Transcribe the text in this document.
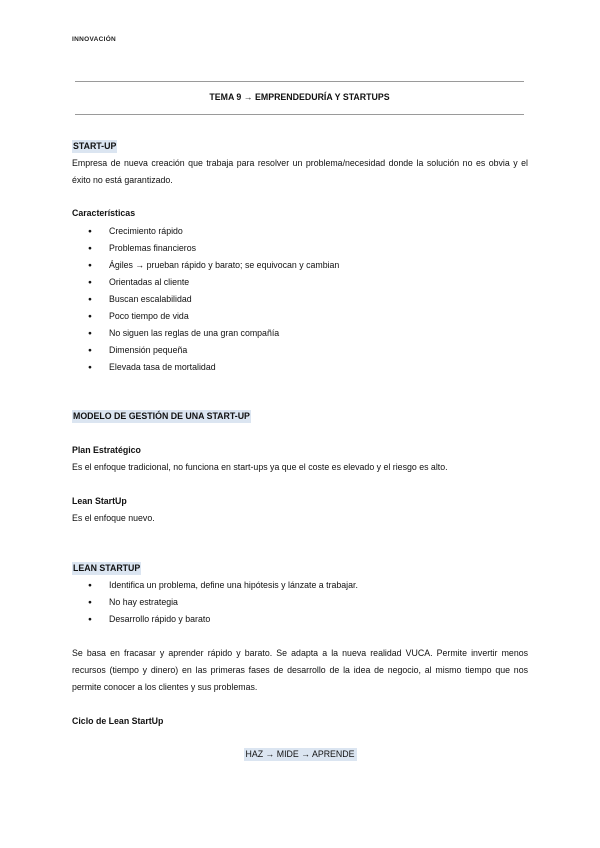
INNOVACIÓN
TEMA 9 → EMPRENDEDURÍA Y STARTUPS
START-UP
Empresa de nueva creación que trabaja para resolver un problema/necesidad donde la solución no es obvia y el éxito no está garantizado.
Características
● Crecimiento rápido
● Problemas financieros
● Ágiles → prueban rápido y barato; se equivocan y cambian
● Orientadas al cliente
● Buscan escalabilidad
● Poco tiempo de vida
● No siguen las reglas de una gran compañía
● Dimensión pequeña
● Elevada tasa de mortalidad
MODELO DE GESTIÓN DE UNA START-UP
Plan Estratégico
Es el enfoque tradicional, no funciona en start-ups ya que el coste es elevado y el riesgo es alto.
Lean StartUp
Es el enfoque nuevo.
LEAN STARTUP
● Identifica un problema, define una hipótesis y lánzate a trabajar.
● No hay estrategia
● Desarrollo rápido y barato
Se basa en fracasar y aprender rápido y barato. Se adapta a la nueva realidad VUCA. Permite invertir menos recursos (tiempo y dinero) en las primeras fases de desarrollo de la idea de negocio, al mismo tiempo que nos permite conocer a los clientes y sus problemas.
Ciclo de Lean StartUp
HAZ → MIDE → APRENDE
